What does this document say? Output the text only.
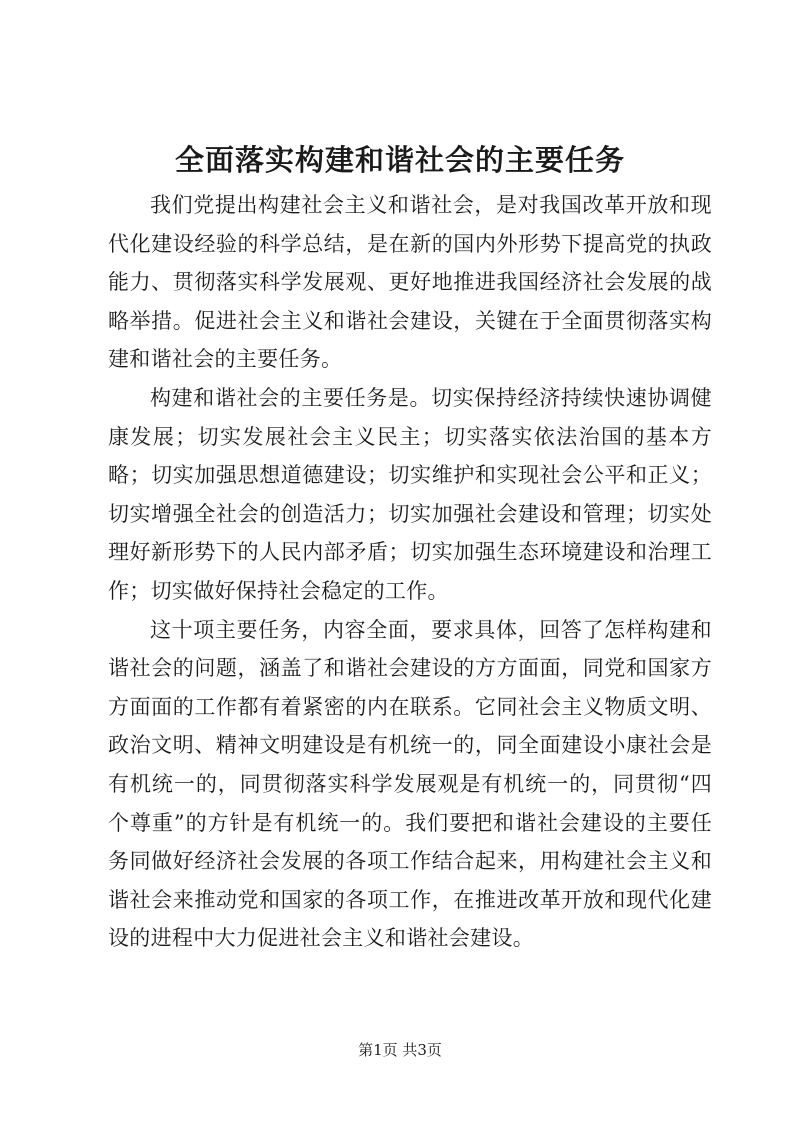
全面落实构建和谐社会的主要任务

我们党提出构建社会主义和谐社会，是对我国改革开放和现代化建设经验的科学总结，是在新的国内外形势下提高党的执政能力、贯彻落实科学发展观、更好地推进我国经济社会发展的战略举措。促进社会主义和谐社会建设，关键在于全面贯彻落实构建和谐社会的主要任务。

构建和谐社会的主要任务是。切实保持经济持续快速协调健康发展；切实发展社会主义民主；切实落实依法治国的基本方略；切实加强思想道德建设；切实维护和实现社会公平和正义；切实增强全社会的创造活力；切实加强社会建设和管理；切实处理好新形势下的人民内部矛盾；切实加强生态环境建设和治理工作；切实做好保持社会稳定的工作。

这十项主要任务，内容全面，要求具体，回答了怎样构建和谐社会的问题，涵盖了和谐社会建设的方方面面，同党和国家方方面面的工作都有着紧密的内在联系。它同社会主义物质文明、政治文明、精神文明建设是有机统一的，同全面建设小康社会是有机统一的，同贯彻落实科学发展观是有机统一的，同贯彻“四个尊重”的方针是有机统一的。我们要把和谐社会建设的主要任务同做好经济社会发展的各项工作结合起来，用构建社会主义和谐社会来推动党和国家的各项工作，在推进改革开放和现代化建设的进程中大力促进社会主义和谐社会建设。

第1页 共3页
